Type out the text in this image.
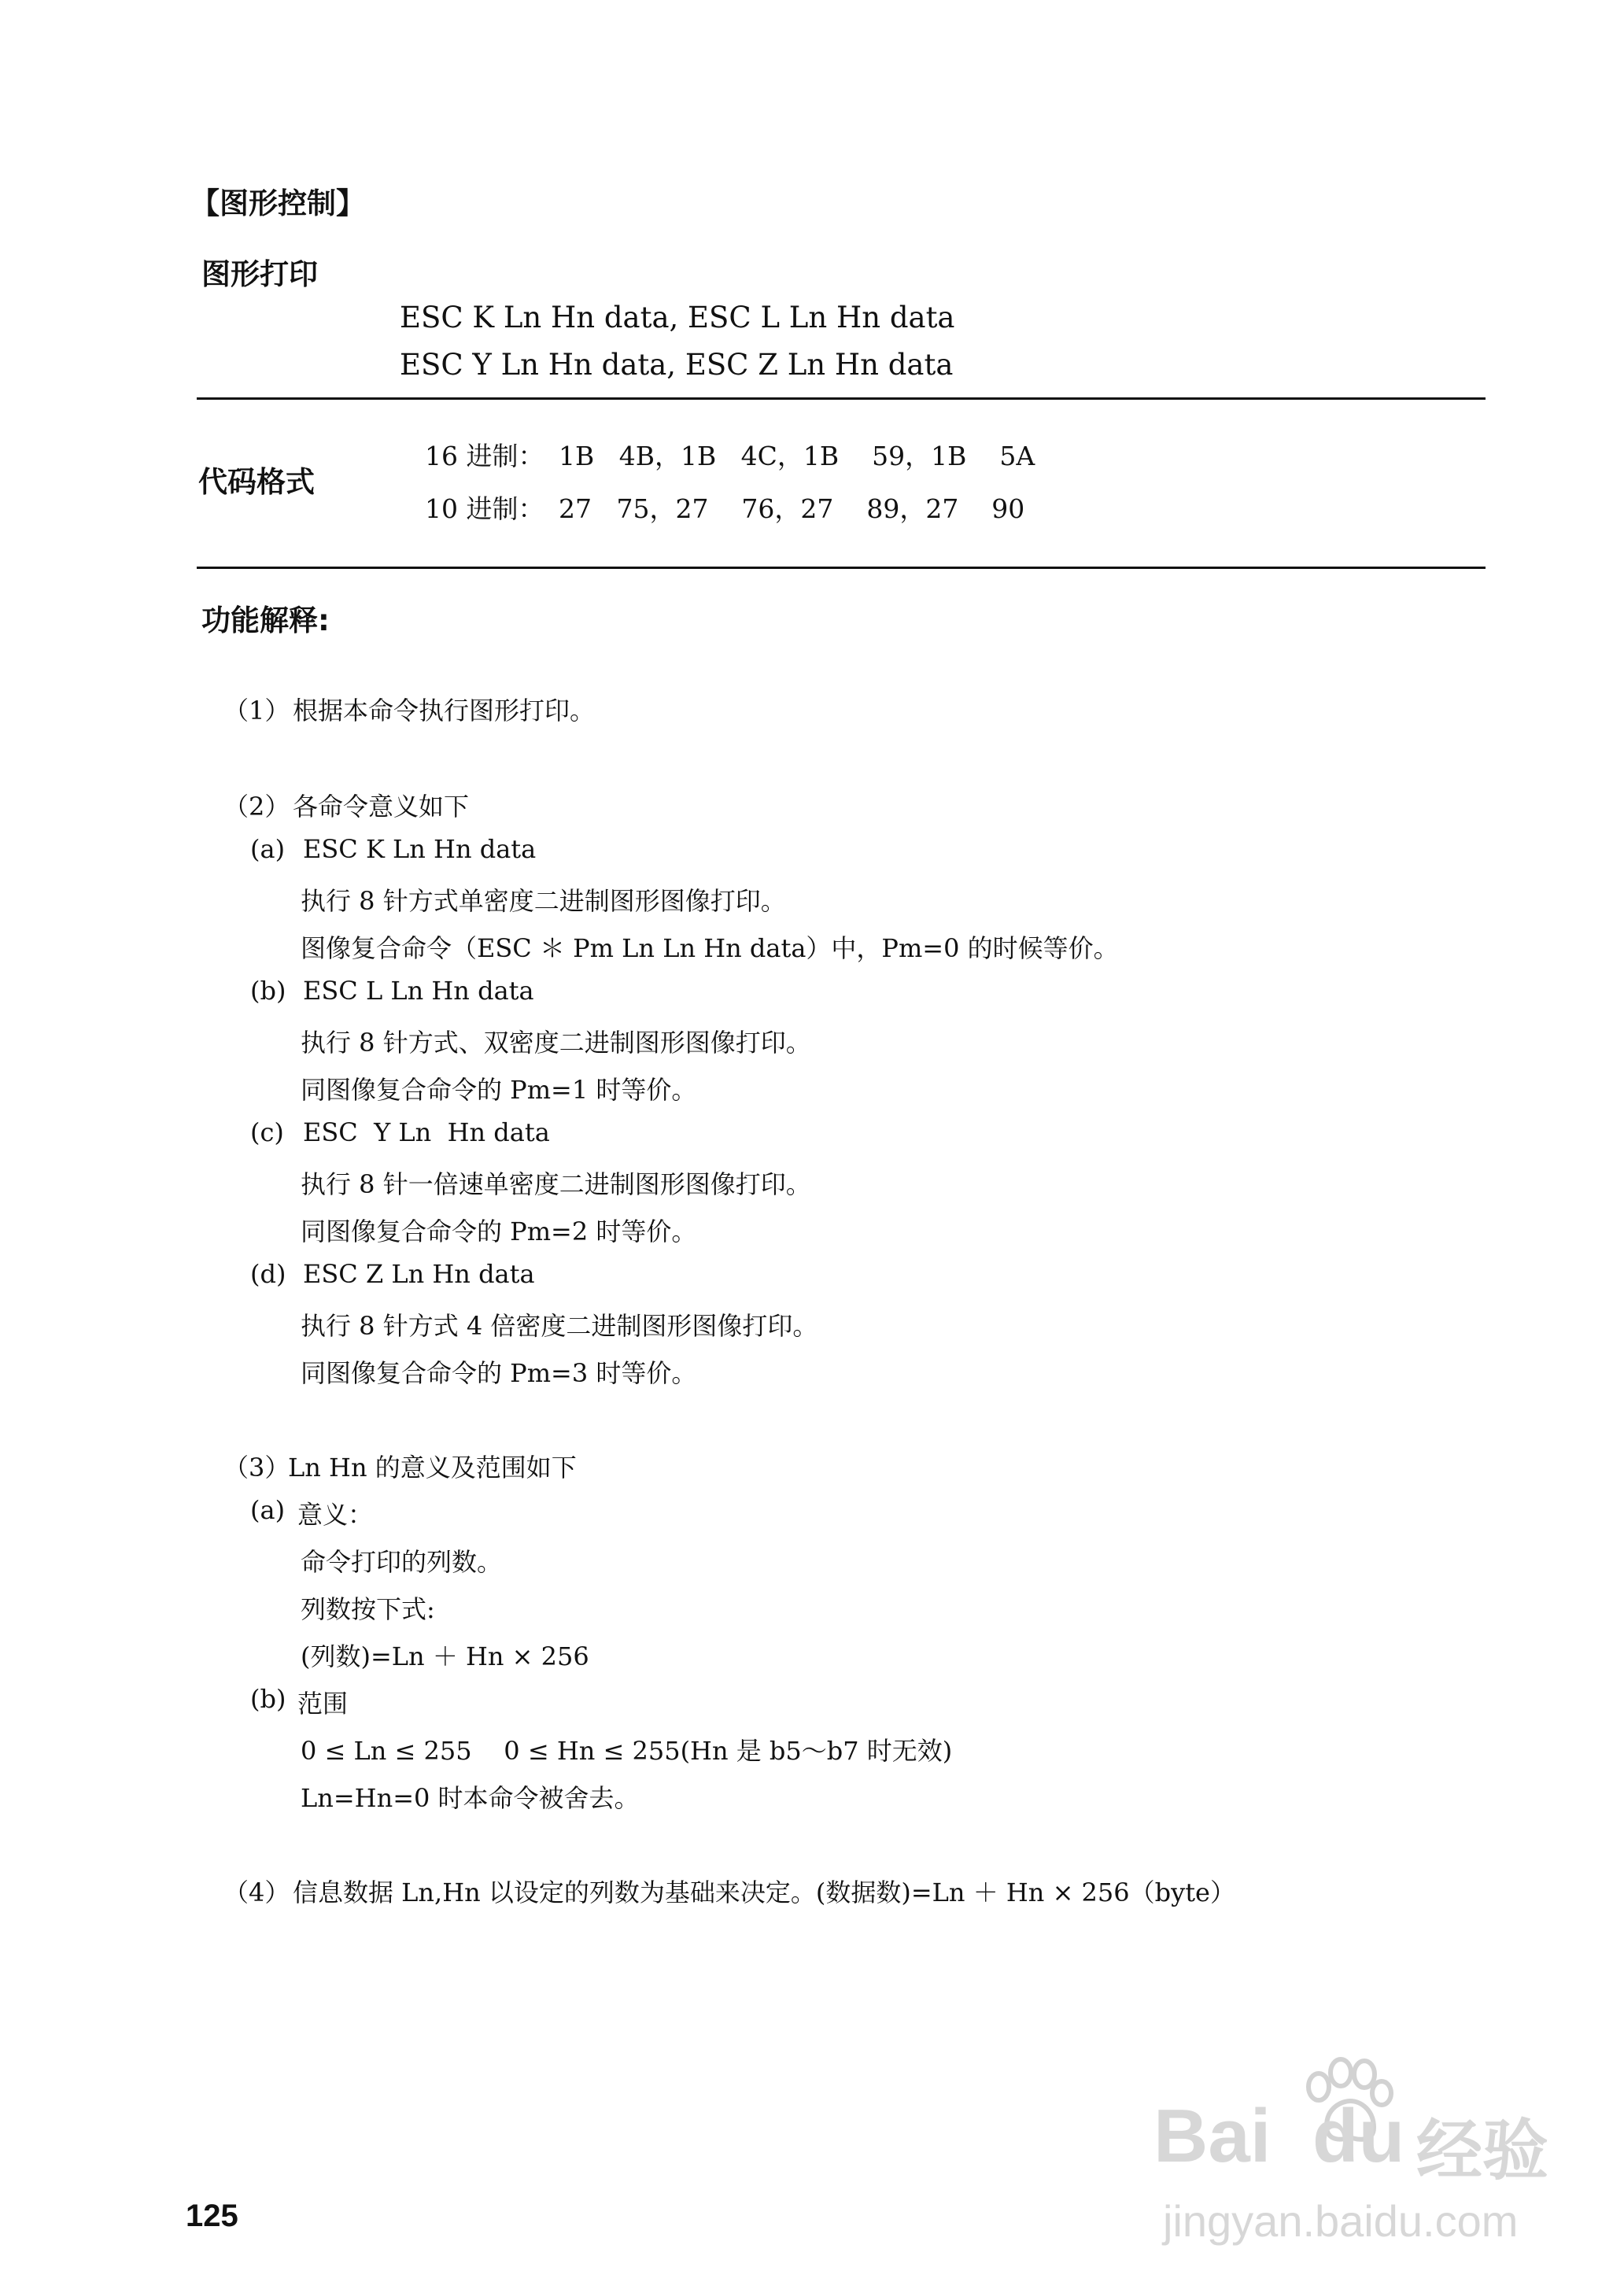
【图形控制】
图形打印
ESC K Ln Hn data, ESC L Ln Hn data
ESC Y Ln Hn data, ESC Z Ln Hn data
代码格式
16 进制： 1B   4B，1B   4C，1B    59，1B    5A
10 进制： 27   75，27    76，27    89，27    90
功能解释:
（1） 根据本命令执行图形打印。
（2） 各命令意义如下
(a) ESC K Ln Hn data
执行 8 针方式单密度二进制图形图像打印。
图像复合命令（ESC ＊ Pm Ln Ln Hn data）中，Pm=0 的时候等价。
(b) ESC L Ln Hn data
执行 8 针方式、双密度二进制图形图像打印。
同图像复合命令的 Pm=1 时等价。
(c) ESC  Y Ln  Hn data
执行 8 针一倍速单密度二进制图形图像打印。
同图像复合命令的 Pm=2 时等价。
(d) ESC Z Ln Hn data
执行 8 针方式 4 倍密度二进制图形图像打印。
同图像复合命令的 Pm=3 时等价。
（3）
Ln Hn 的意义及范围如下
(a) 意义：
命令打印的列数。
列数按下式:
(列数)=Ln ＋ Hn × 256
(b) 范围
0 ≤ Ln ≤ 255    0 ≤ Hn ≤ 255(Hn 是 b5～b7 时无效)
Ln=Hn=0 时本命令被舍去。
（4） 信息数据 Ln,Hn 以设定的列数为基础来决定。(数据数)=Ln ＋ Hn × 256（byte）
125
Bai du 经验
jingyan.baidu.com
